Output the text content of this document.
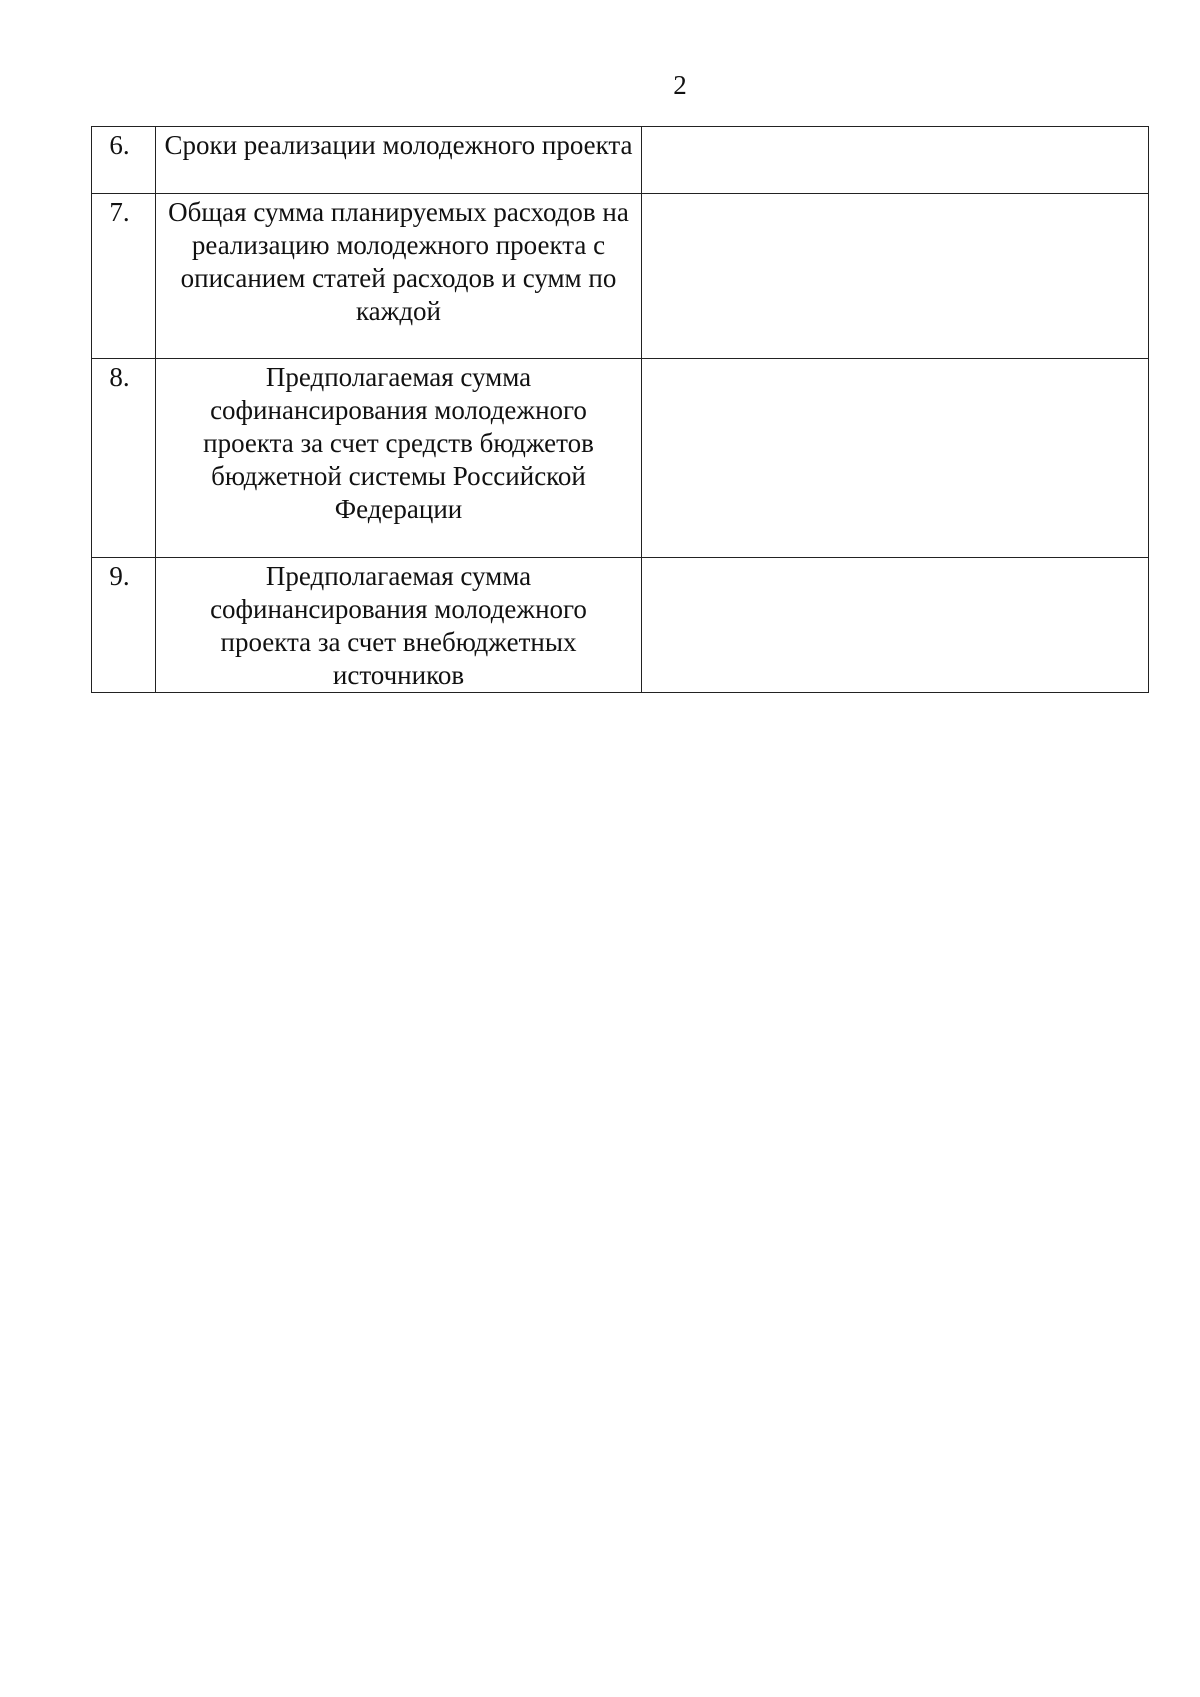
2
6.	Сроки реализации молодежного проекта	

7.	Общая сумма планируемых расходов на реализацию молодежного проекта с описанием статей расходов и сумм по каждой	

8.	Предполагаемая сумма софинансирования молодежного проекта за счет средств бюджетов бюджетной системы Российской Федерации	

9.	Предполагаемая сумма софинансирования молодежного проекта за счет внебюджетных источников	
